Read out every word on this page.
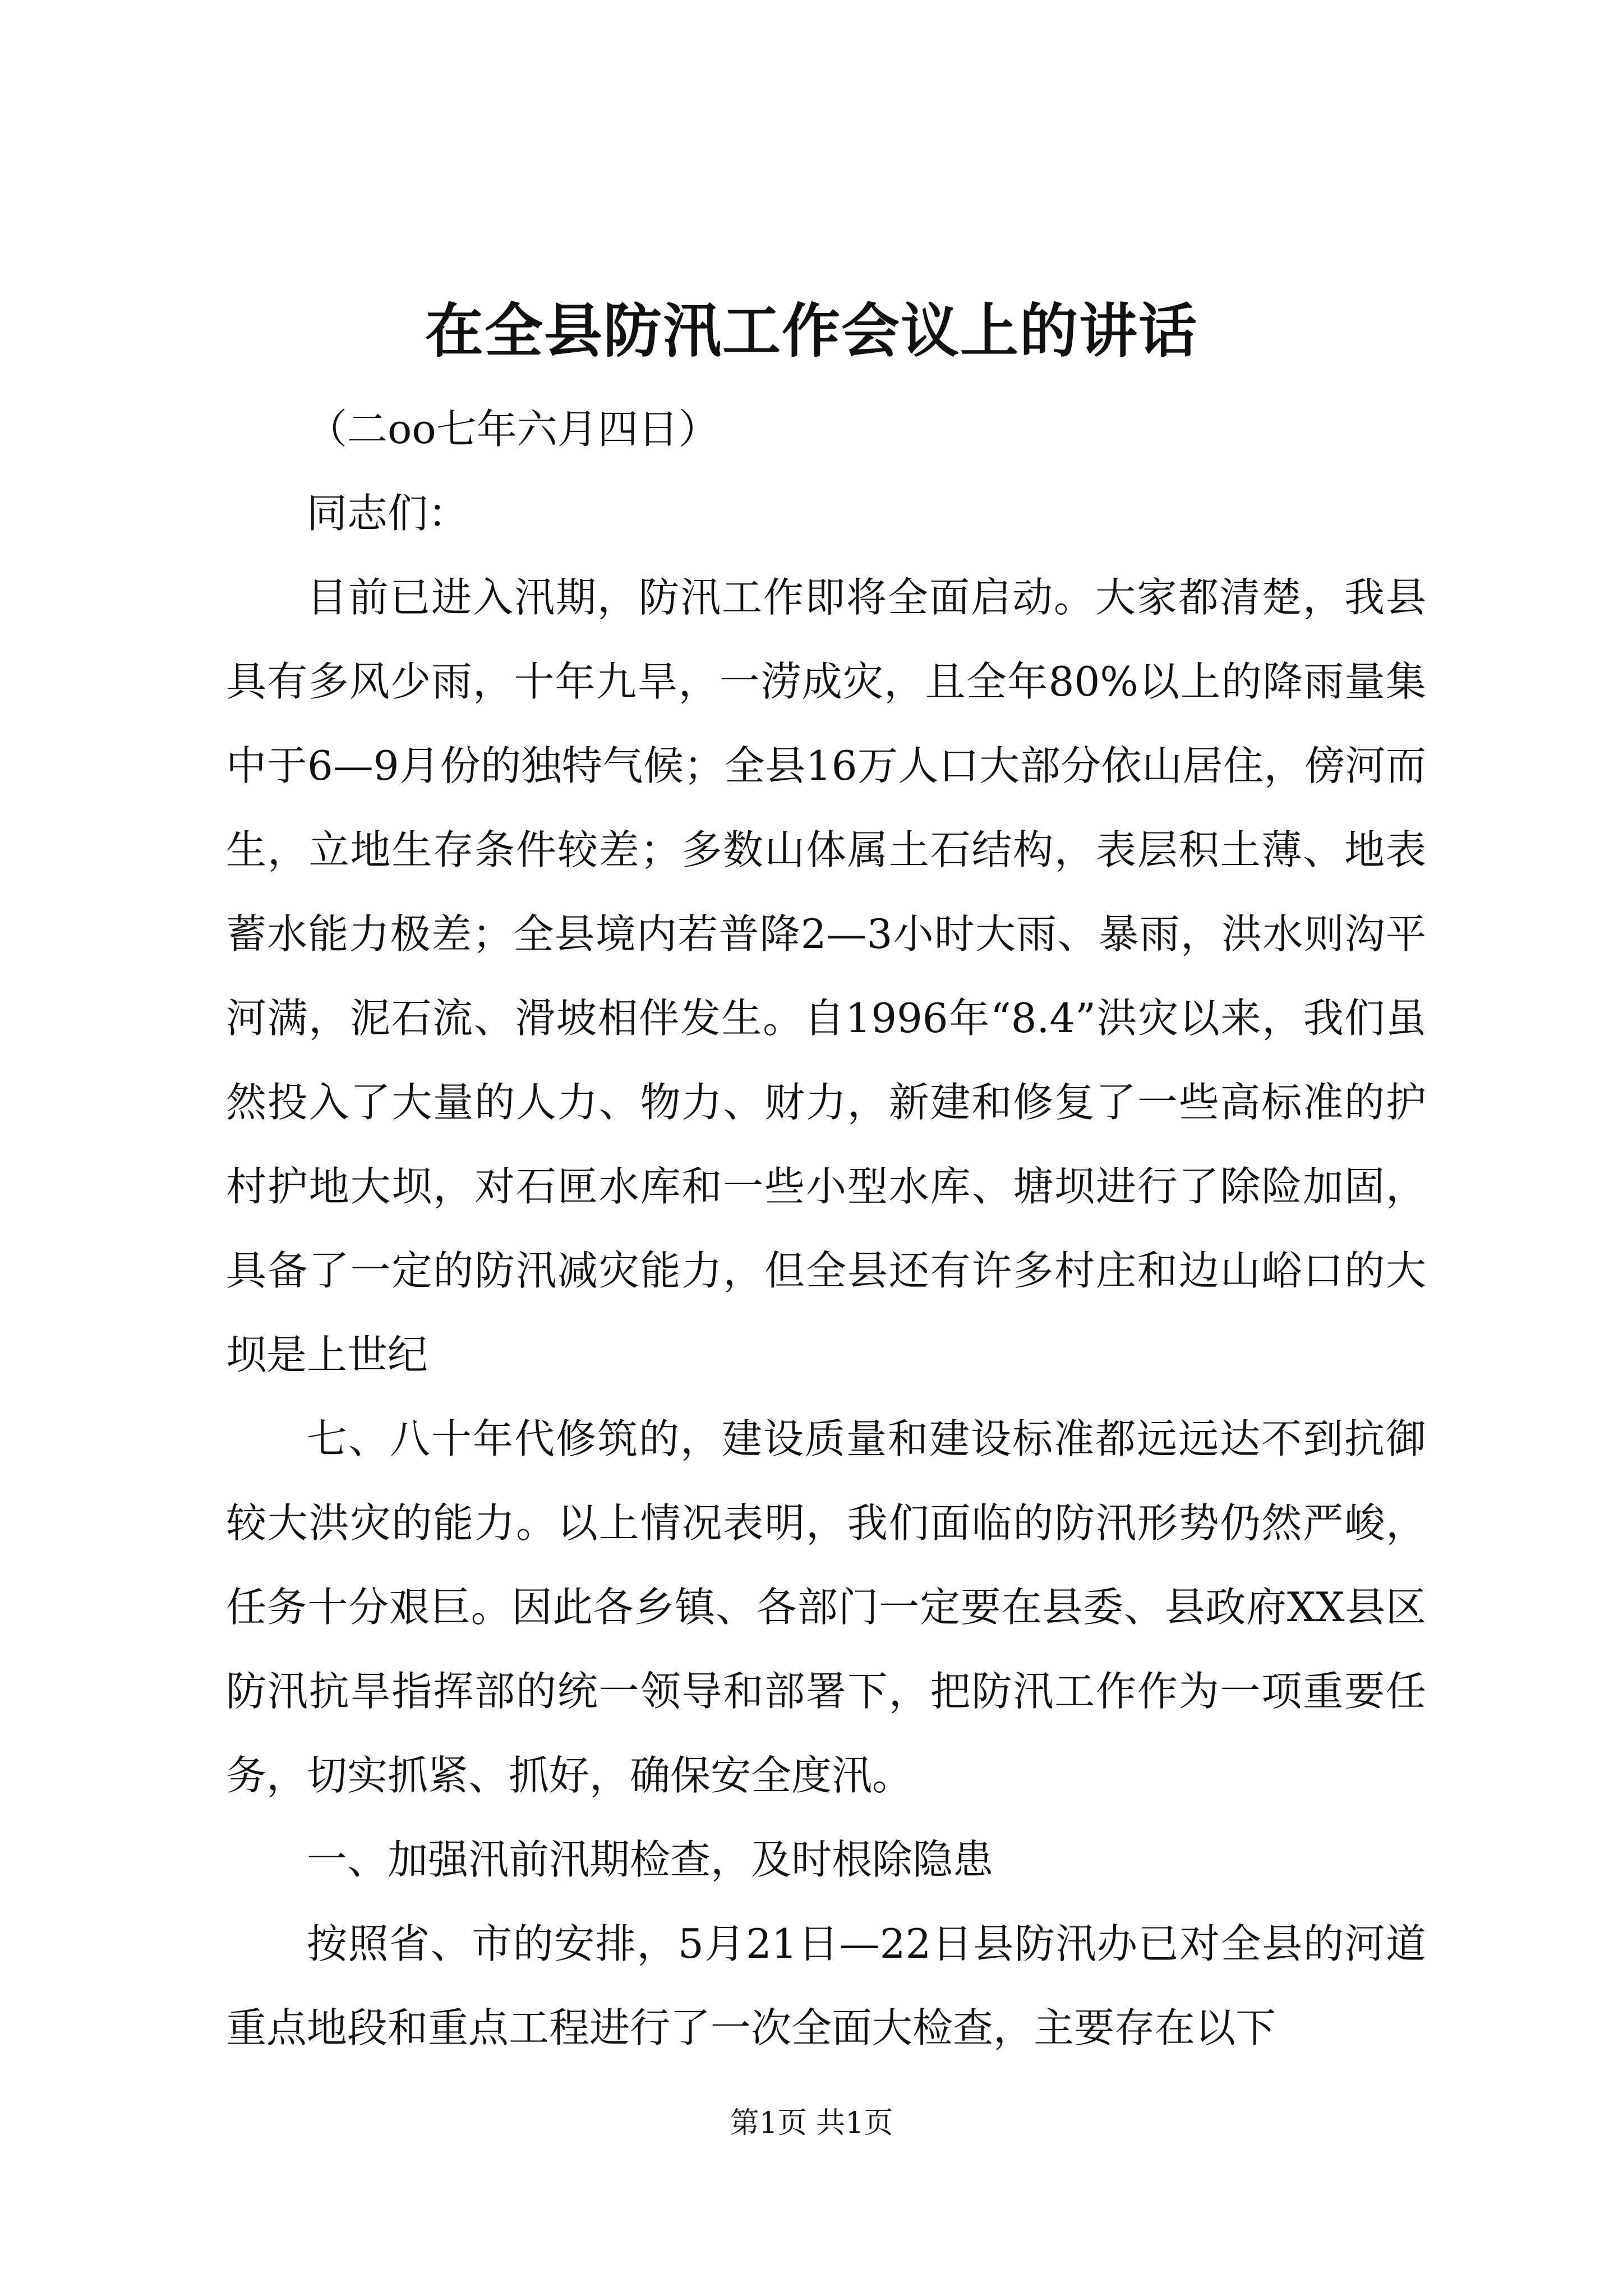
在全县防汛工作会议上的讲话

（二oo七年六月四日）

同志们：

目前已进入汛期，防汛工作即将全面启动。大家都清楚，我县具有多风少雨，十年九旱，一涝成灾，且全年80%以上的降雨量集中于6—9月份的独特气候；全县16万人口大部分依山居住，傍河而生，立地生存条件较差；多数山体属土石结构，表层积土薄、地表蓄水能力极差；全县境内若普降2—3小时大雨、暴雨，洪水则沟平河满，泥石流、滑坡相伴发生。自1996年“8.4”洪灾以来，我们虽然投入了大量的人力、物力、财力，新建和修复了一些高标准的护村护地大坝，对石匣水库和一些小型水库、塘坝进行了除险加固，具备了一定的防汛减灾能力，但全县还有许多村庄和边山峪口的大坝是上世纪

七、八十年代修筑的，建设质量和建设标准都远远达不到抗御较大洪灾的能力。以上情况表明，我们面临的防汛形势仍然严峻，任务十分艰巨。因此各乡镇、各部门一定要在县委、县政府XX县区防汛抗旱指挥部的统一领导和部署下，把防汛工作作为一项重要任务，切实抓紧、抓好，确保安全度汛。

一、加强汛前汛期检查，及时根除隐患

按照省、市的安排，5月21日—22日县防汛办已对全县的河道重点地段和重点工程进行了一次全面大检查，主要存在以下

第1页 共1页
